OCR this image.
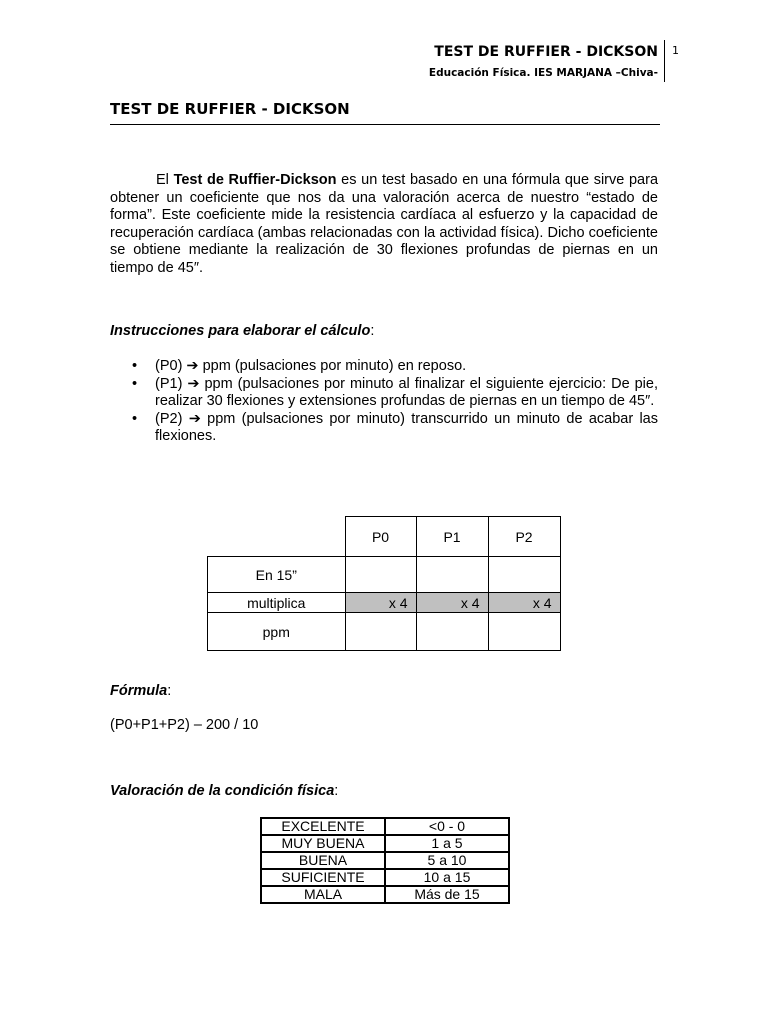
TEST DE RUFFIER - DICKSON
Educación Física. IES MARJANA –Chiva-
1
TEST DE RUFFIER - DICKSON
El Test de Ruffier-Dickson es un test basado en una fórmula que sirve para obtener un coeficiente que nos da una valoración acerca de nuestro “estado de forma”. Este coeficiente mide la resistencia cardíaca al esfuerzo y la capacidad de recuperación cardíaca (ambas relacionadas con la actividad física). Dicho coeficiente se obtiene mediante la realización de 30 flexiones profundas de piernas en un tiempo de 45″.
Instrucciones para elaborar el cálculo:
• (P0) ➔ ppm (pulsaciones por minuto) en reposo.
• (P1) ➔ ppm (pulsaciones por minuto al finalizar el siguiente ejercicio: De pie, realizar 30 flexiones y extensiones profundas de piernas en un tiempo de 45″.
• (P2) ➔ ppm (pulsaciones por minuto) transcurrido un minuto de acabar las flexiones.
	P0	P1	P2
En 15”			
multiplica	x 4	x 4	x 4
ppm			
Fórmula:
(P0+P1+P2) – 200 / 10
Valoración de la condición física:
EXCELENTE	<0 - 0
MUY BUENA	1 a 5
BUENA	5 a 10
SUFICIENTE	10 a 15
MALA	Más de 15
